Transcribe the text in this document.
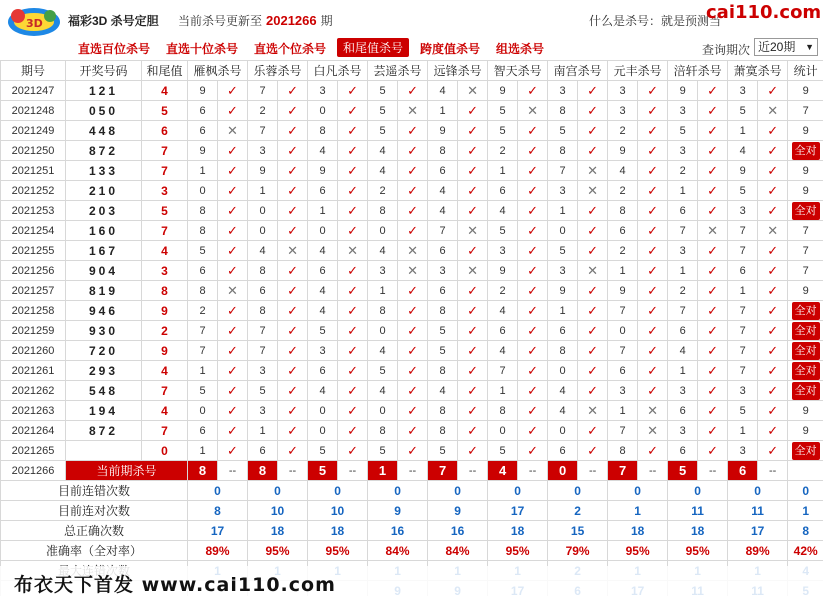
3D 福彩3D 杀号定胆 当前杀号更新至 2021266 期	什么是杀号：就是预测当
cai110.com
直选百位杀号 直选十位杀号 直选个位杀号	和尾值杀号	跨度值杀号 组选杀号	查询期次 近20期 ▼
期号	开奖号码	和尾值	雁枫杀号		乐蓉杀号		白凡杀号		芸遥杀号		远锋杀号		智天杀号		南宫杀号		元丰杀号		涪轩杀号		萧寞杀号		统计
2021247	121	4	9	✓	7	✓	3	✓	5	✓	4	✕	9	✓	3	✓	3	✓	9	✓	3	✓	9
2021248	050	5	6	✓	2	✓	0	✓	5	✕	1	✓	5	✕	8	✓	3	✓	3	✓	5	✕	7
2021249	448	6	6	✕	7	✓	8	✓	5	✓	9	✓	5	✓	5	✓	2	✓	5	✓	1	✓	9
2021250	872	7	9	✓	3	✓	4	✓	4	✓	8	✓	2	✓	8	✓	9	✓	3	✓	4	✓	全对
2021251	133	7	1	✓	9	✓	9	✓	4	✓	6	✓	1	✓	7	✕	4	✓	2	✓	9	✓	9
2021252	210	3	0	✓	1	✓	6	✓	2	✓	4	✓	6	✓	3	✕	2	✓	1	✓	5	✓	9
2021253	203	5	8	✓	0	✓	1	✓	8	✓	4	✓	4	✓	1	✓	8	✓	6	✓	3	✓	全对
2021254	160	7	8	✓	0	✓	0	✓	0	✓	7	✕	5	✓	0	✓	6	✓	7	✕	7	✕	7
2021255	167	4	5	✓	4	✕	4	✕	4	✕	6	✓	3	✓	5	✓	2	✓	3	✓	7	✓	7
2021256	904	3	6	✓	8	✓	6	✓	3	✕	3	✕	9	✓	3	✕	1	✓	1	✓	6	✓	7
2021257	819	8	8	✕	6	✓	4	✓	1	✓	6	✓	2	✓	9	✓	9	✓	2	✓	1	✓	9
2021258	946	9	2	✓	8	✓	4	✓	8	✓	8	✓	4	✓	1	✓	7	✓	7	✓	7	✓	全对
2021259	930	2	7	✓	7	✓	5	✓	0	✓	5	✓	6	✓	6	✓	0	✓	6	✓	7	✓	全对
2021260	720	9	7	✓	7	✓	3	✓	4	✓	5	✓	4	✓	8	✓	7	✓	4	✓	7	✓	全对
2021261	293	4	1	✓	3	✓	6	✓	5	✓	8	✓	7	✓	0	✓	6	✓	1	✓	7	✓	全对
2021262	548	7	5	✓	5	✓	4	✓	4	✓	4	✓	1	✓	4	✓	3	✓	3	✓	3	✓	全对
2021263	194	4	0	✓	3	✓	0	✓	0	✓	8	✓	8	✓	4	✕	1	✕	6	✓	5	✓	9
2021264	872	7	6	✓	1	✓	0	✓	8	✓	8	✓	0	✓	0	✓	7	✕	3	✓	1	✓	9
2021265		0	1	✓	6	✓	5	✓	5	✓	5	✓	5	✓	6	✓	8	✓	6	✓	3	✓	全对
2021266	当前期杀号		8	--	8	--	5	--	1	--	7	--	4	--	0	--	7	--	5	--	6	--	
目前连错次数			0		0		0		0		0		0		0		0		0		0		0
目前连对次数			8		10		10		9		9		17		2		1		11		11		1
总正确次数			17		18		18		16		16		18		15		18		18		17		8
准确率（全对率）			89%		95%		95%		84%		84%		95%		79%		95%		95%		89%		42%

布衣天下首发 www.cai110.com
